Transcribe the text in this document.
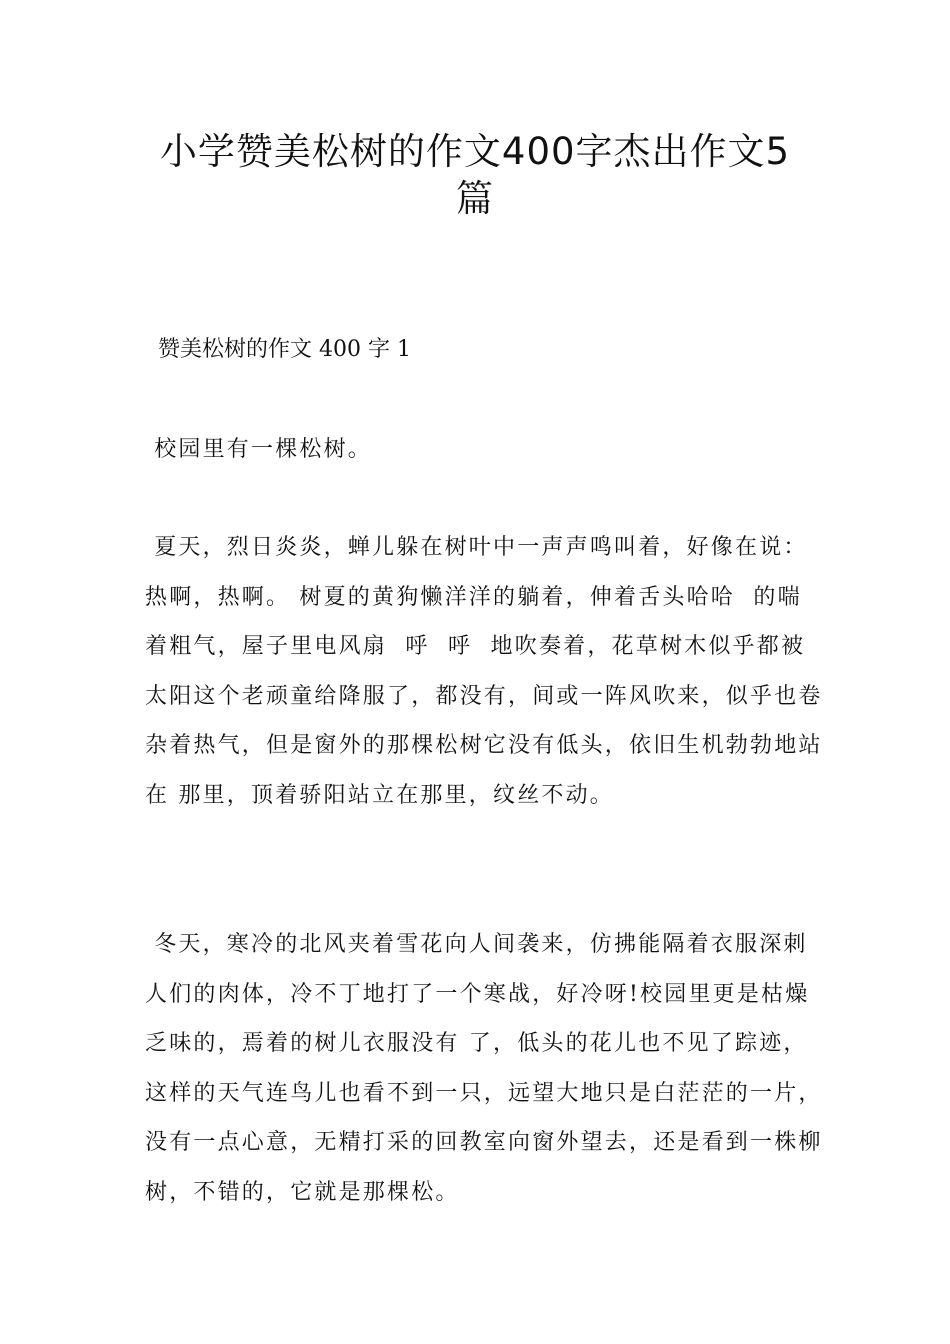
小学赞美松树的作文400字杰出作文5
篇

赞美松树的作文 400 字 1

校园里有一棵松树。

夏天，烈日炎炎，蝉儿躲在树叶中一声声鸣叫着，好像在说：  热啊，热啊。 树夏的黄狗懒洋洋的躺着，伸着舌头哈哈  的喘着粗气，屋子里电风扇  呼  呼  地吹奏着，花草树木似乎都被太阳这个老顽童给降服了，都没有，间或一阵风吹来，似乎也卷杂着热气，但是窗外的那棵松树它没有低头，依旧生机勃勃地站在 那里，顶着骄阳站立在那里，纹丝不动。

冬天，寒冷的北风夹着雪花向人间袭来，仿拂能隔着衣服深刺人们的肉体，冷不丁地打了一个寒战，好冷呀!校园里更是枯燥乏味的，焉着的树儿衣服没有 了，低头的花儿也不见了踪迹，这样的天气连鸟儿也看不到一只，远望大地只是白茫茫的一片，没有一点心意，无精打采的回教室向窗外望去，还是看到一株柳 树，不错的，它就是那棵松。
